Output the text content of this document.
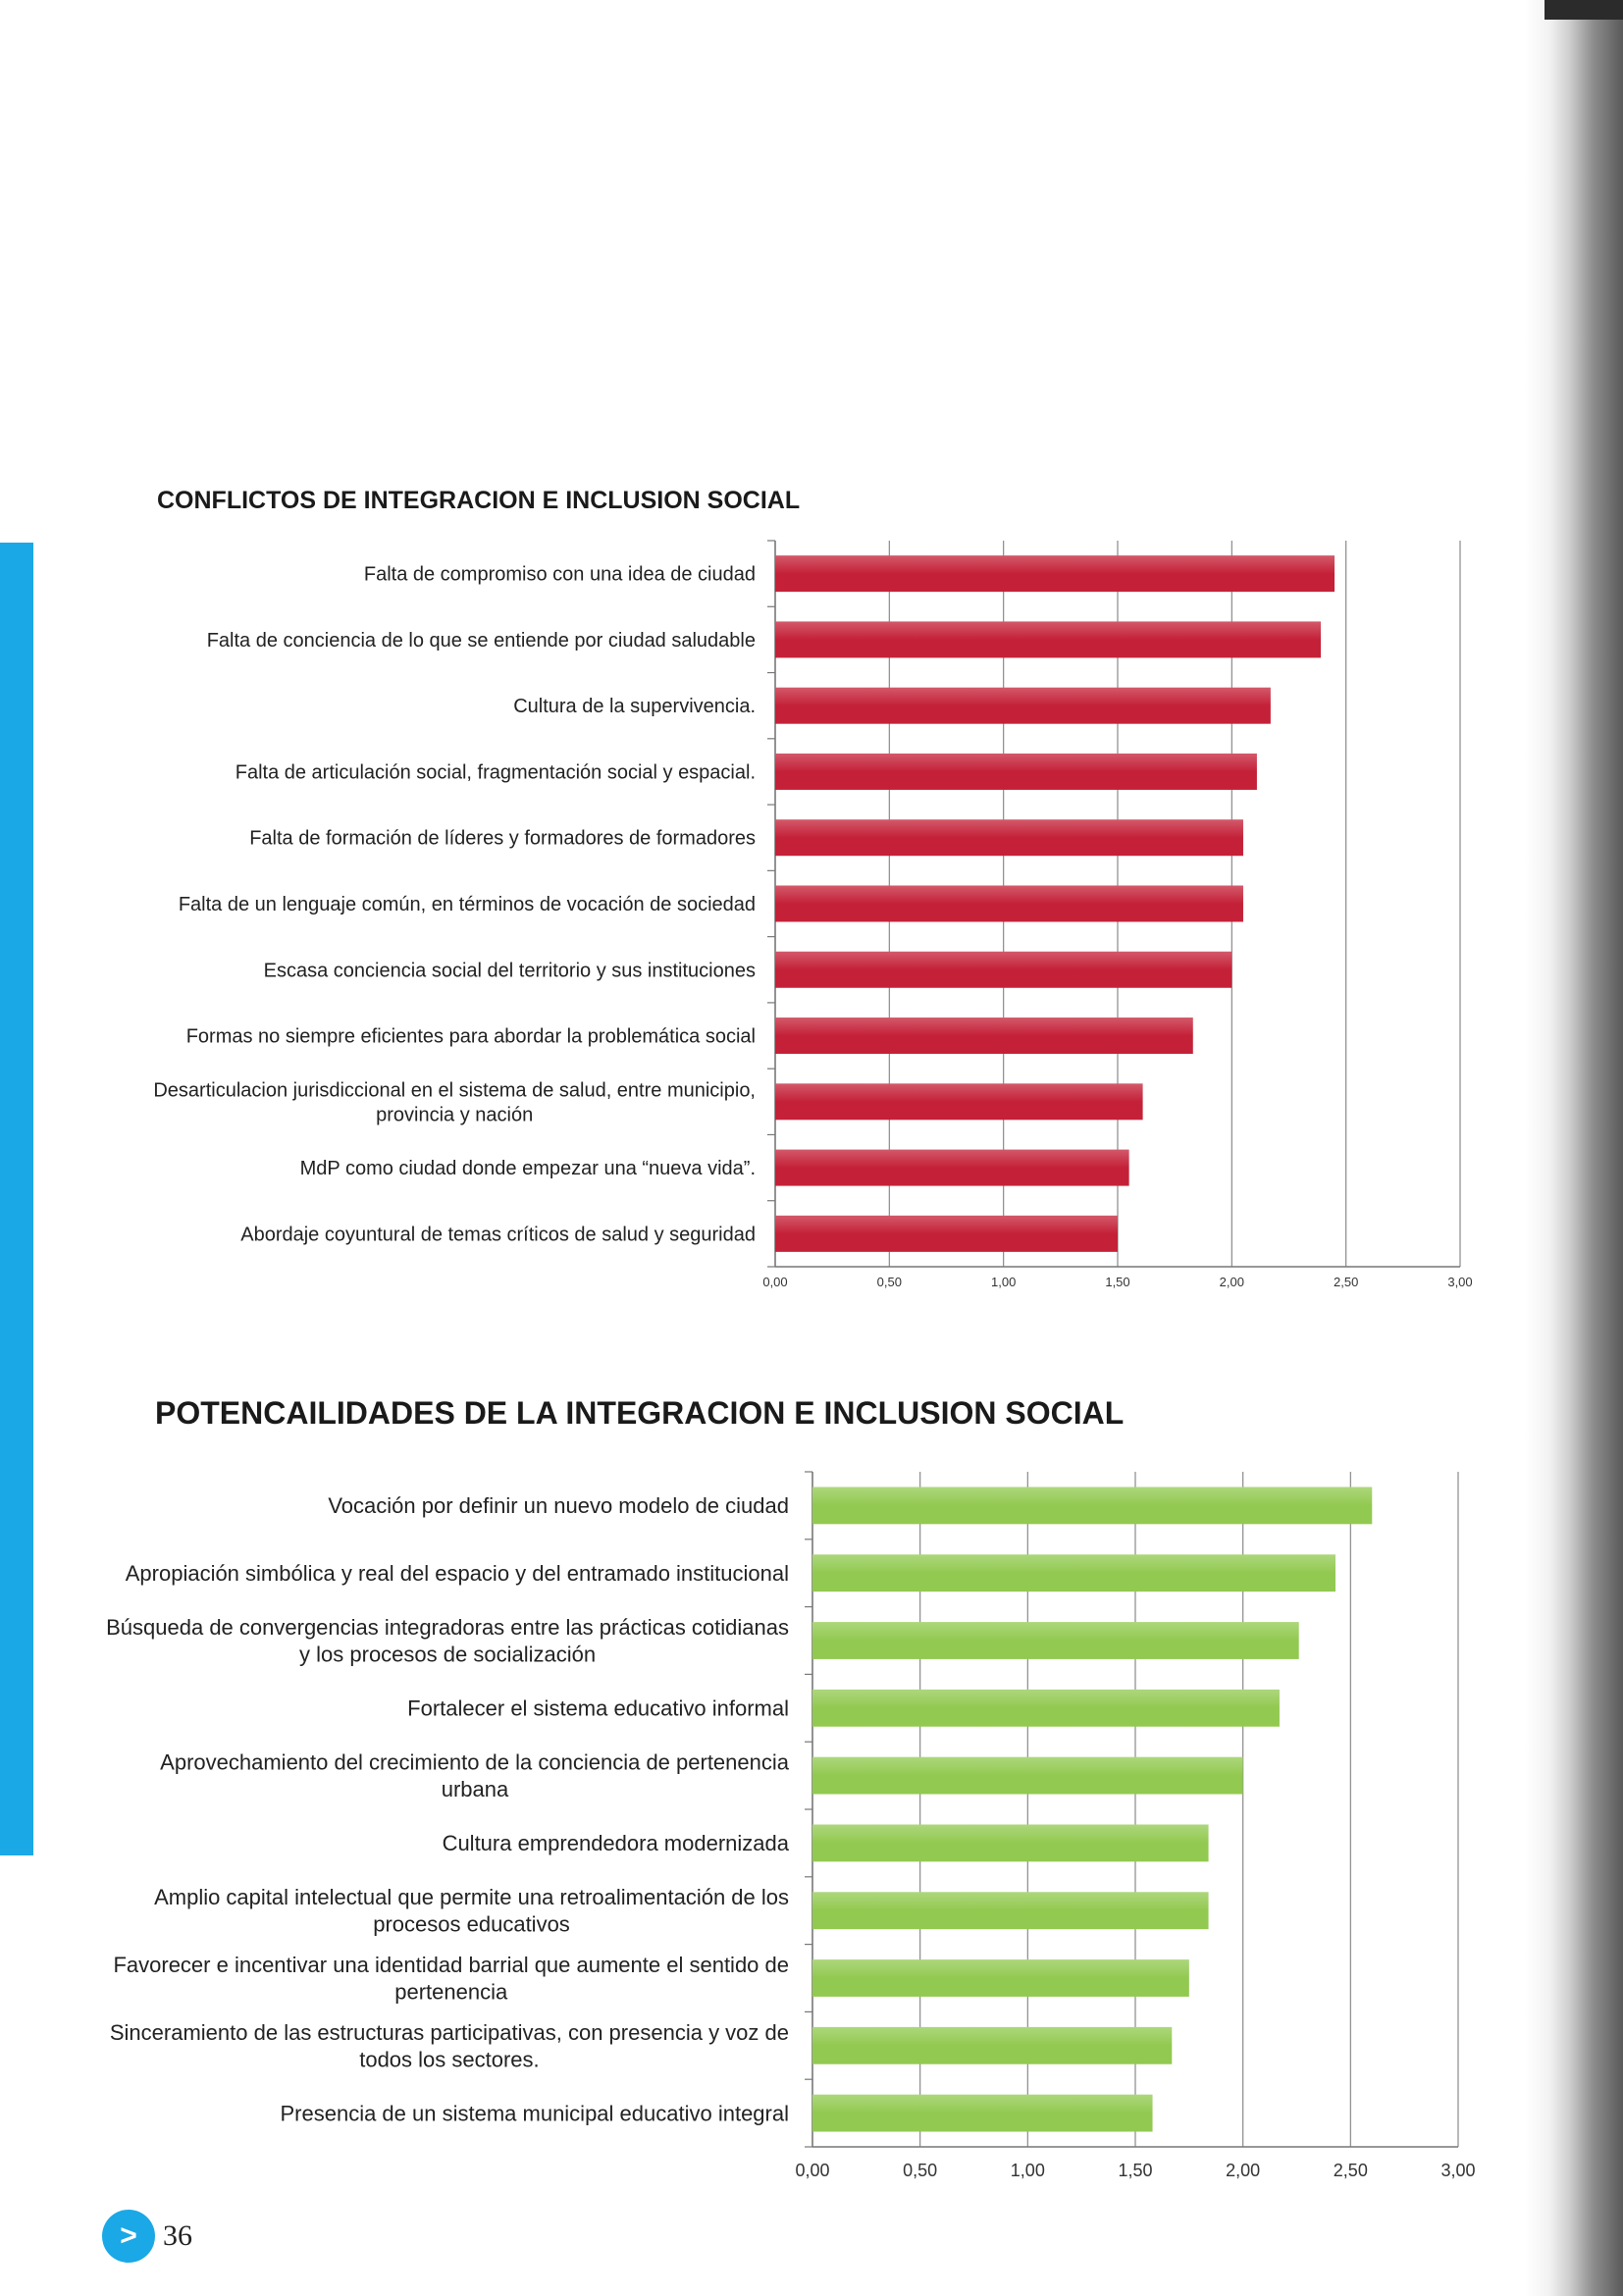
CONFLICTOS DE INTEGRACION E INCLUSION SOCIAL
0,00	0,50	1,00	1,50	2,00	2,50	3,00
Falta de compromiso con una idea de ciudad
Falta de conciencia de lo que se entiende por ciudad saludable
Cultura de la supervivencia.
Falta de articulación social, fragmentación social y espacial.
Falta de formación de líderes y formadores de formadores
Falta de un lenguaje común, en términos de vocación de sociedad
Escasa conciencia social del territorio y sus instituciones
Formas no siempre eficientes para abordar la problemática social
Desarticulacion jurisdiccional en el sistema de salud, entre municipio, provincia y nación
MdP como ciudad donde empezar una “nueva vida”.
Abordaje coyuntural de temas críticos de salud y seguridad
POTENCAILIDADES DE LA INTEGRACION E INCLUSION SOCIAL
0,00	0,50	1,00	1,50	2,00	2,50	3,00
Vocación por definir un nuevo modelo de ciudad
Apropiación simbólica y real del espacio y del entramado institucional
Búsqueda de convergencias integradoras entre las prácticas cotidianas y los procesos de socialización
Fortalecer el sistema educativo informal
Aprovechamiento del crecimiento de la conciencia de pertenencia urbana
Cultura emprendedora modernizada
Amplio capital intelectual que permite una retroalimentación de los procesos educativos
Favorecer e incentivar una identidad barrial que aumente el sentido de pertenencia
Sinceramiento de las estructuras participativas, con presencia y voz de todos los sectores.
Presencia de un sistema municipal educativo integral
> 36
